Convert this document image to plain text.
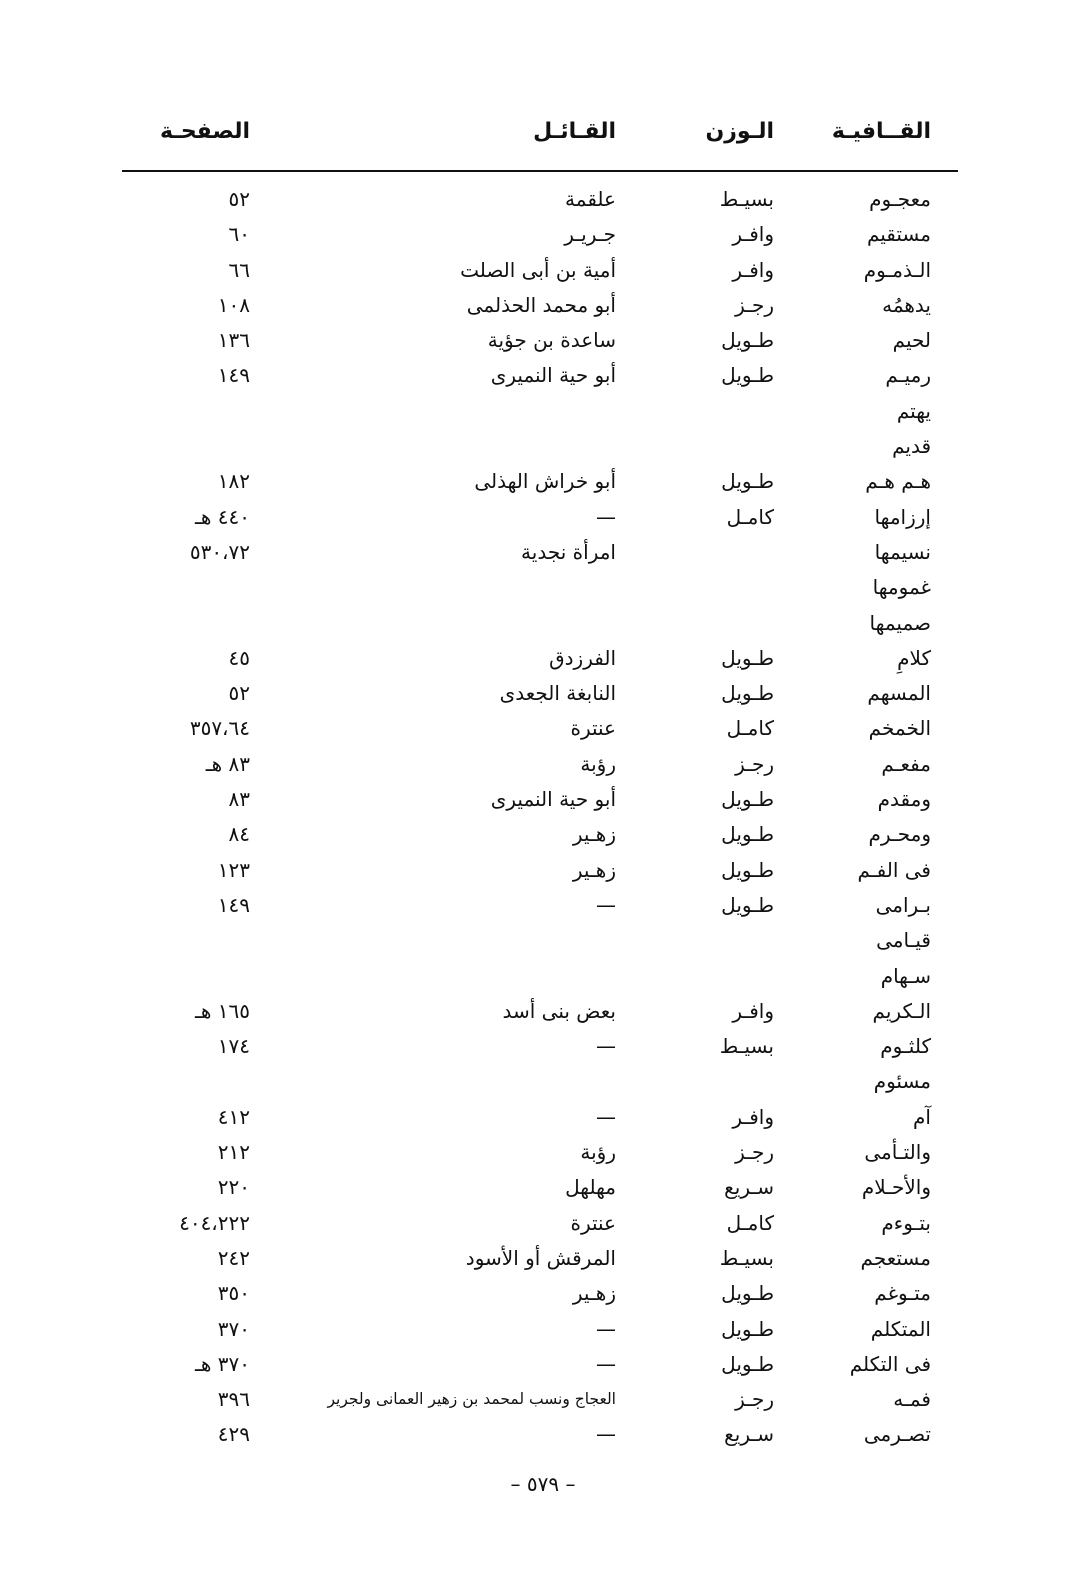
القــافيـة
الـوزن
القـائـل
الصفحـة
معجـوم
بسيـط
علقمة
٥٢
مستقيم
وافـر
جـريـر
٦٠
الـذمـوم
وافـر
أمية بن أبى الصلت
٦٦
يدهمُه
رجـز
أبو محمد الحذلمى
١٠٨
لحيم
طـويل
ساعدة بن جؤية
١٣٦
رميـم
طـويل
أبو حية النميرى
١٤٩
يهتم
قديم
هـم هـم
طـويل
أبو خراش الهذلى
١٨٢
إرزامها
كامـل
—
٤٤٠ هـ
نسيمها
امرأة نجدية
٥٣٠،٧٢
غمومها
صميمها
كلامِ
طـويل
الفرزدق
٤٥
المسهم
طـويل
النابغة الجعدى
٥٢
الخمخم
كامـل
عنترة
٣٥٧،٦٤
مفعـم
رجـز
رؤبة
٨٣ هـ
ومقدم
طـويل
أبو حية النميرى
٨٣
ومحـرم
طـويل
زهـير
٨٤
فى الفـم
طـويل
زهـير
١٢٣
بـرامى
طـويل
—
١٤٩
قيـامى
سـهام
الـكريم
وافـر
بعض بنى أسد
١٦٥ هـ
كلثـوم
بسيـط
—
١٧٤
مسئوم
آم
وافـر
—
٤١٢
والتـأمى
رجـز
رؤبة
٢١٢
والأحـلام
سـريع
مهلهل
٢٢٠
بتـوءم
كامـل
عنترة
٤٠٤،٢٢٢
مستعجم
بسيـط
المرقش أو الأسود
٢٤٢
متـوغم
طـويل
زهـير
٣٥٠
المتكلم
طـويل
—
٣٧٠
فى التكلم
طـويل
—
٣٧٠ هـ
فمـه
رجـز
العجاج ونسب لمحمد بن زهير العمانى ولجرير
٣٩٦
تصـرمى
سـريع
—
٤٢٩
– ٥٧٩ –
